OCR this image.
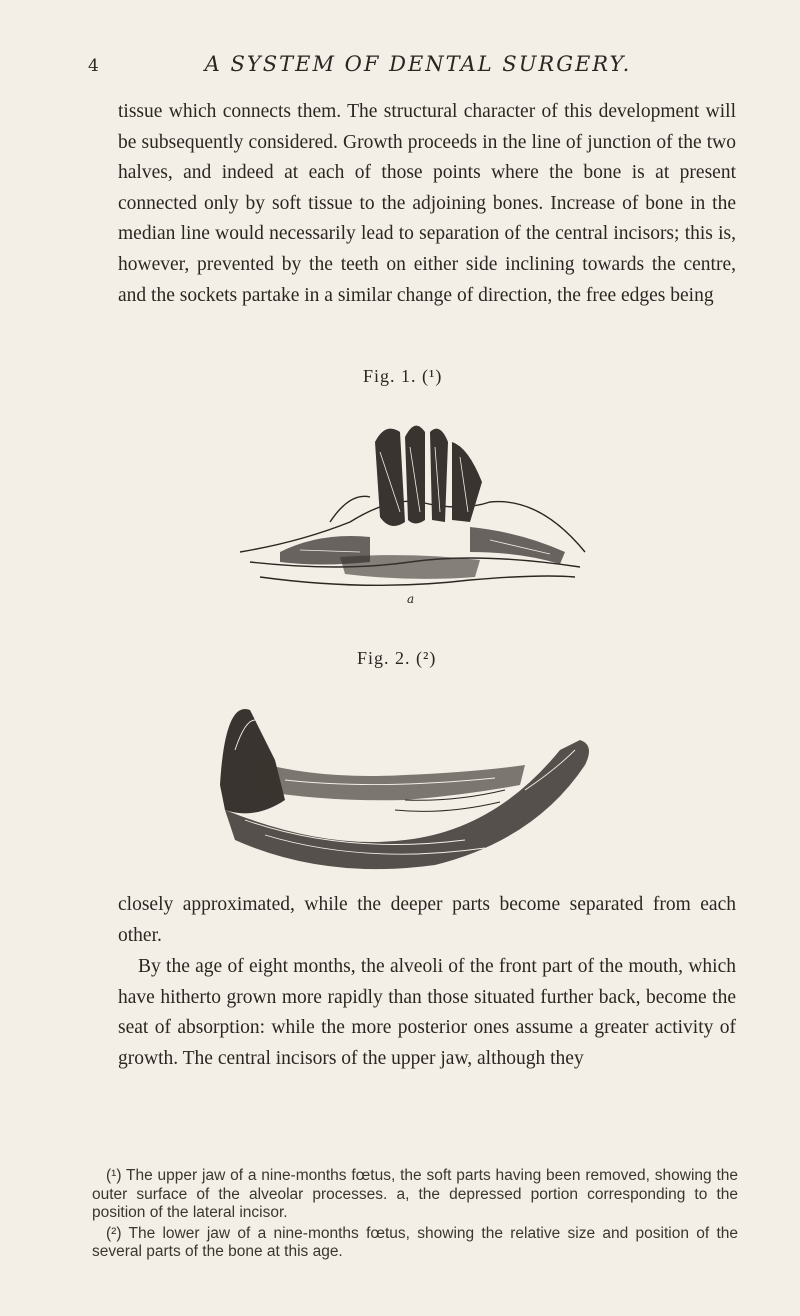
4	A SYSTEM OF DENTAL SURGERY.

tissue which connects them. The structural character of this development will be subsequently considered. Growth proceeds in the line of junction of the two halves, and indeed at each of those points where the bone is at present connected only by soft tissue to the adjoining bones. Increase of bone in the median line would necessarily lead to separation of the central incisors; this is, however, prevented by the teeth on either side inclining towards the centre, and the sockets partake in a similar change of direction, the free edges being

Fig. 1. (¹)
a
Fig. 2. (²)

closely approximated, while the deeper parts become separated from each other.

By the age of eight months, the alveoli of the front part of the mouth, which have hitherto grown more rapidly than those situated further back, become the seat of absorption: while the more posterior ones assume a greater activity of growth. The central incisors of the upper jaw, although they

(¹) The upper jaw of a nine-months fœtus, the soft parts having been removed, showing the outer surface of the alveolar processes. a, the depressed portion corresponding to the position of the lateral incisor.

(²) The lower jaw of a nine-months fœtus, showing the relative size and position of the several parts of the bone at this age.
